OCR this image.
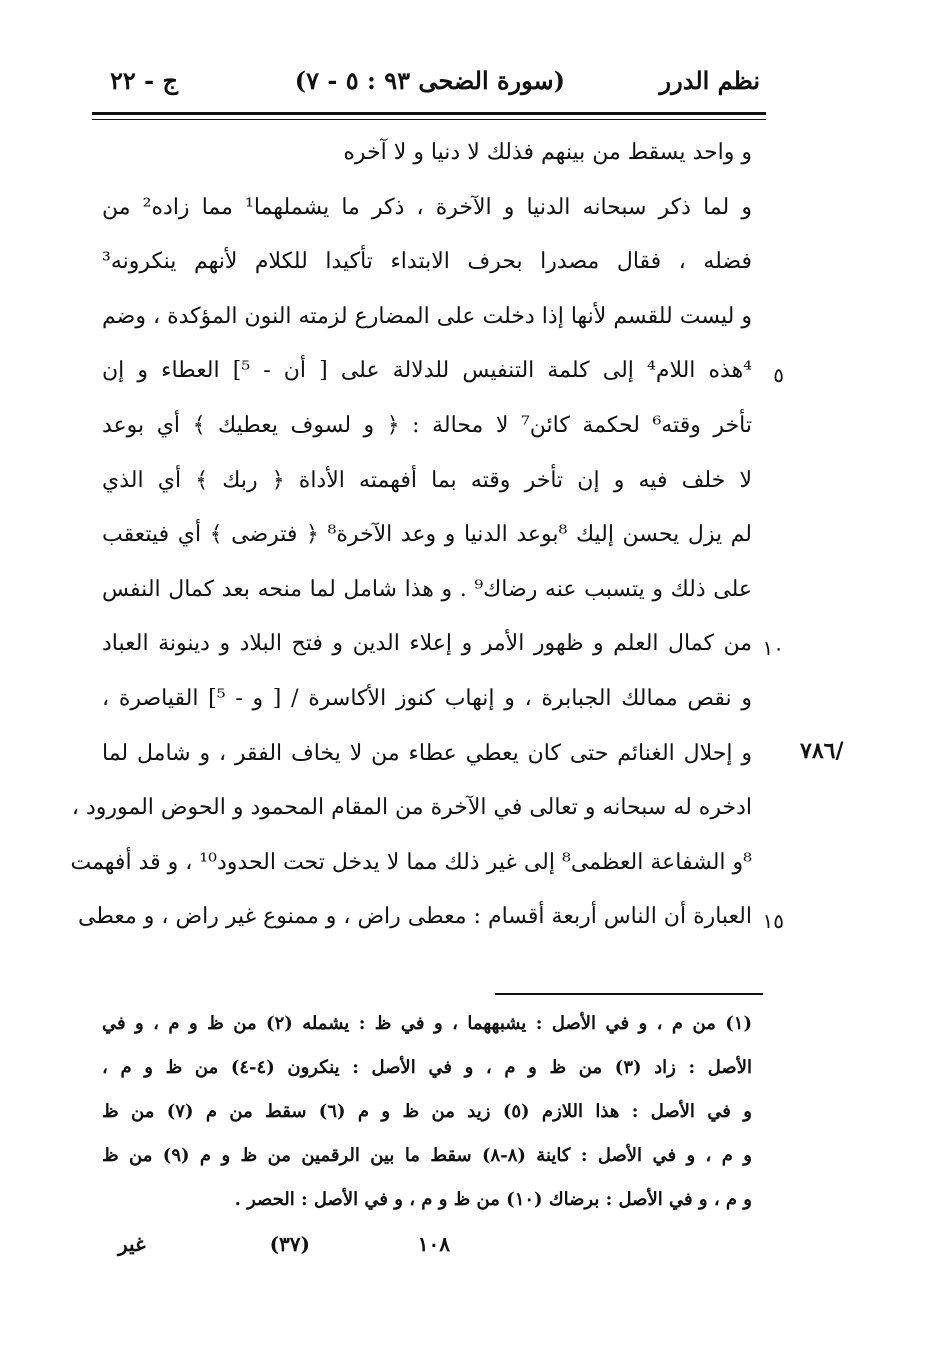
نظم الدرر
(سورة الضحى ٩٣ : ٥ - ٧)
ج - ٢٢
و واحد يسقط من بينهم فذلك لا دنيا و لا آخره
و لما ذكر سبحانه الدنيا و الآخرة ، ذكر ما يشملهما¹ مما زاده² من
فضله ، فقال مصدرا بحرف الابتداء تأكيدا للكلام لأنهم ينكرونه³
و ليست للقسم لأنها إذا دخلت على المضارع لزمته النون المؤكدة ، وضم
⁴هذه اللام⁴ إلى كلمة التنفيس للدلالة على [ أن - ⁵] العطاء و إن	٥
تأخر وقته⁶ لحكمة كائن⁷ لا محالة : ﴿ و لسوف يعطيك ﴾ أي بوعد
لا خلف فيه و إن تأخر وقته بما أفهمته الأداة ﴿ ربك ﴾ أي الذي
لم يزل يحسن إليك ⁸بوعد الدنيا و وعد الآخرة⁸ ﴿ فترضى ﴾ أي فيتعقب
على ذلك و يتسبب عنه رضاك⁹ . و هذا شامل لما منحه بعد كمال النفس
من كمال العلم و ظهور الأمر و إعلاء الدين و فتح البلاد و دينونة العباد ١٠
و نقص ممالك الجبابرة ، و إنهاب كنوز الأكاسرة / [ و - ⁵] القياصرة ،
و إحلال الغنائم حتى كان يعطي عطاء من لا يخاف الفقر ، و شامل لما
ادخره له سبحانه و تعالى في الآخرة من المقام المحمود و الحوض المورود ،
⁸و الشفاعة العظمى⁸ إلى غير ذلك مما لا يدخل تحت الحدود¹⁰ ، و قد أفهمت
العبارة أن الناس أربعة أقسام : معطى راض ، و ممنوع غير راض ، و معطى ١٥
/٧٨٦
(١) من م ، و في الأصل : يشبههما ، و في ظ : يشمله (٢) من ظ و م ، و في
الأصل : زاد (٣) من ظ و م ، و في الأصل : ينكرون (٤-٤) من ظ و م ،
و في الأصل : هذا اللازم (٥) زيد من ظ و م (٦) سقط من م (٧) من ظ
و م ، و في الأصل : كاينة (٨-٨) سقط ما بين الرقمين من ظ و م (٩) من ظ
و م ، و في الأصل : برضاك (١٠) من ظ و م ، و في الأصل : الحصر .
١٠٨
(٣٧)
غير
